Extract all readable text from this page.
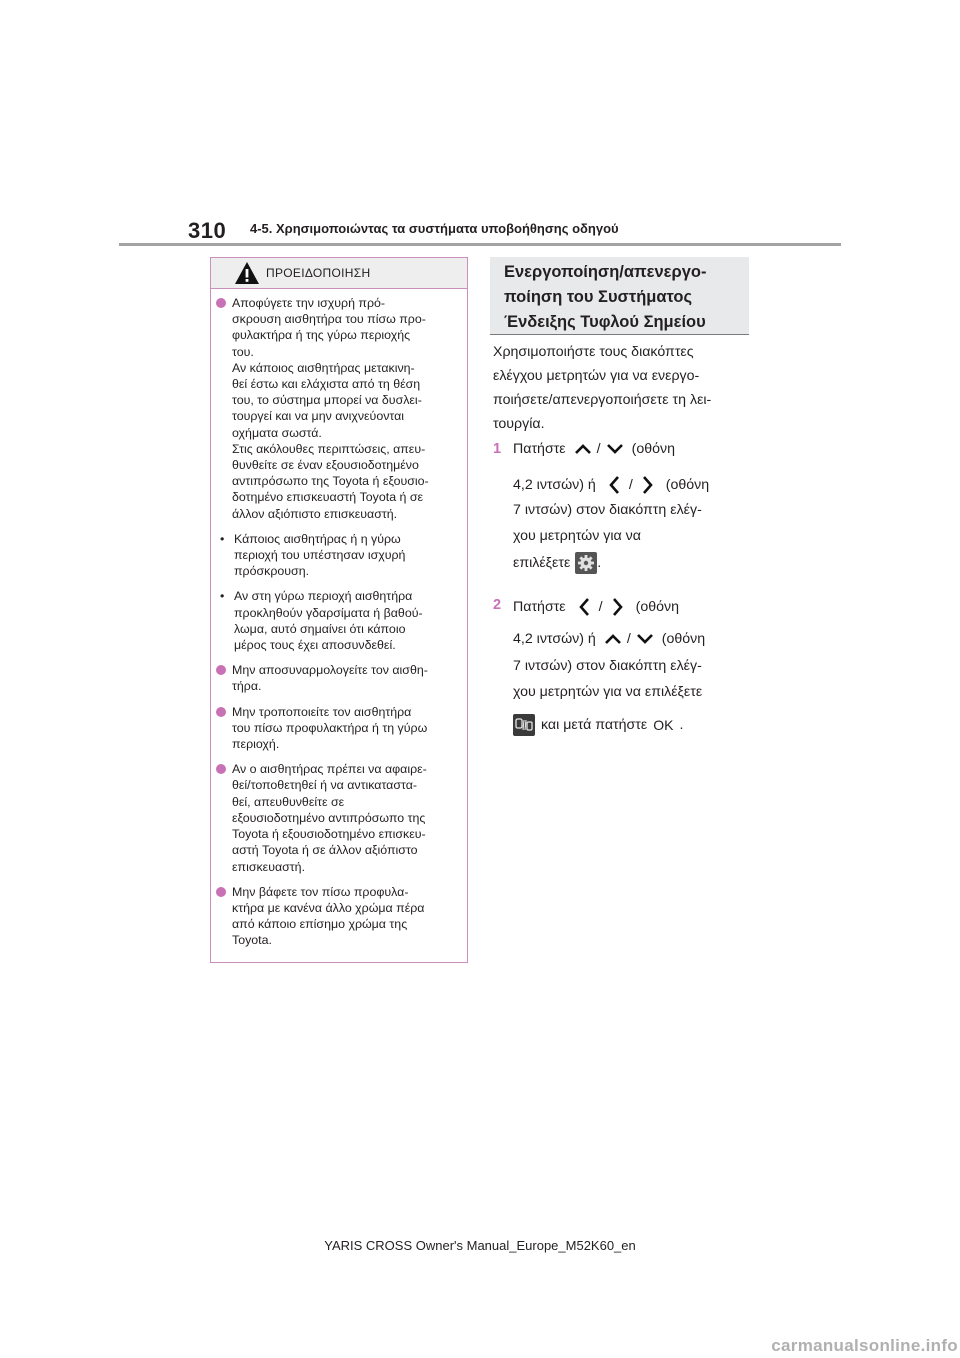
310 4-5. Χρησιμοποιώντας τα συστήματα υποβοήθησης οδηγού
ΠΡΟΕΙΔΟΠΟΙΗΣΗ
Αποφύγετε την ισχυρή πρό-
σκρουση αισθητήρα του πίσω προ-
φυλακτήρα ή της γύρω περιοχής
του.
Αν κάποιος αισθητήρας μετακινη-
θεί έστω και ελάχιστα από τη θέση
του, το σύστημα μπορεί να δυσλει-
τουργεί και να μην ανιχνεύονται
οχήματα σωστά.
Στις ακόλουθες περιπτώσεις, απευ-
θυνθείτε σε έναν εξουσιοδοτημένο
αντιπρόσωπο της Toyota ή εξουσιο-
δοτημένο επισκευαστή Toyota ή σε
άλλον αξιόπιστο επισκευαστή.
• Κάποιος αισθητήρας ή η γύρω
περιοχή του υπέστησαν ισχυρή
πρόσκρουση.
• Αν στη γύρω περιοχή αισθητήρα
προκληθούν γδαρσίματα ή βαθού-
λωμα, αυτό σημαίνει ότι κάποιο
μέρος τους έχει αποσυνδεθεί.
Μην αποσυναρμολογείτε τον αισθη-
τήρα.
Μην τροποποιείτε τον αισθητήρα
του πίσω προφυλακτήρα ή τη γύρω
περιοχή.
Αν ο αισθητήρας πρέπει να αφαιρε-
θεί/τοποθετηθεί ή να αντικαταστα-
θεί, απευθυνθείτε σε
εξουσιοδοτημένο αντιπρόσωπο της
Toyota ή εξουσιοδοτημένο επισκευ-
αστή Toyota ή σε άλλον αξιόπιστο
επισκευαστή.
Μην βάφετε τον πίσω προφυλα-
κτήρα με κανένα άλλο χρώμα πέρα
από κάποιο επίσημο χρώμα της
Toyota.
Ενεργοποίηση/απενεργο-
ποίηση του Συστήματος
Ένδειξης Τυφλού Σημείου
Χρησιμοποιήστε τους διακόπτες
ελέγχου μετρητών για να ενεργο-
ποιήσετε/απενεργοποιήσετε τη λει-
τουργία.
1 Πατήστε / (οθόνη
4,2 ιντσών) ή / (οθόνη
7 ιντσών) στον διακόπτη ελέγ-
χου μετρητών για να
επιλέξετε .
2 Πατήστε / (οθόνη
4,2 ιντσών) ή / (οθόνη
7 ιντσών) στον διακόπτη ελέγ-
χου μετρητών για να επιλέξετε
και μετά πατήστε OK .
YARIS CROSS Owner's Manual_Europe_M52K60_en
carmanualsonline.info
